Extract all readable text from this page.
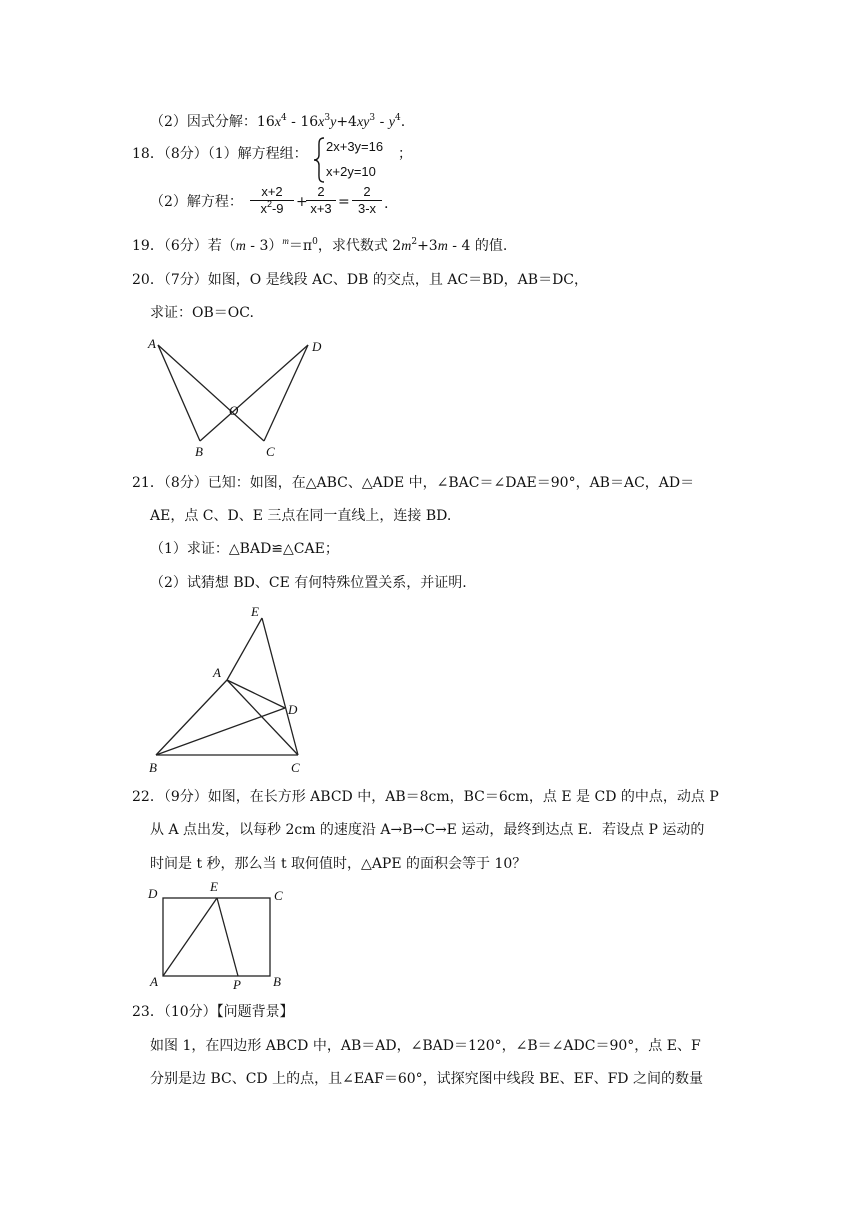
（2）因式分解：$16x^4 - 16x^3y+4xy^3 - y^4$.
18．（8分）（1）解方程组： 2x+3y=16
x+2y=10
；
（2）解方程：
x+2
$x^2-9$ +
2
x+3 =
2
3-x .
19．（6分）若$(m - 3)^m=\pi^0$，求代数式 $2m^2+3m - 4$ 的值.
20．（7分）如图，O 是线段 AC、DB 的交点，且 AC＝BD，AB＝DC，
求证：OB＝OC.
A
B	C
D
O
21．（8分）已知：如图，在△ABC、△ADE 中，∠BAC＝∠DAE＝90°，AB＝AC，AD＝
AE，点 C、D、E 三点在同一直线上，连接 BD.
（1）求证：△BAD≌△CAE；
（2）试猜想 BD、CE 有何特殊位置关系，并证明.
E
A
D
B	C
22．（9分）如图，在长方形 ABCD 中，AB＝8cm，BC＝6cm，点 E 是 CD 的中点，动点 P
从 A 点出发，以每秒 2cm 的速度沿 A→B→C→E 运动，最终到达点 E．若设点 P 运动的
时间是 t 秒，那么当 t 取何值时，△APE 的面积会等于 10？
D	E
C
A	P B
23．（10分）【问题背景】
如图 1，在四边形 ABCD 中，AB＝AD，∠BAD＝120°，∠B＝∠ADC＝90°，点 E、F
分别是边 BC、CD 上的点，且∠EAF＝60°，试探究图中线段 BE、EF、FD 之间的数量
